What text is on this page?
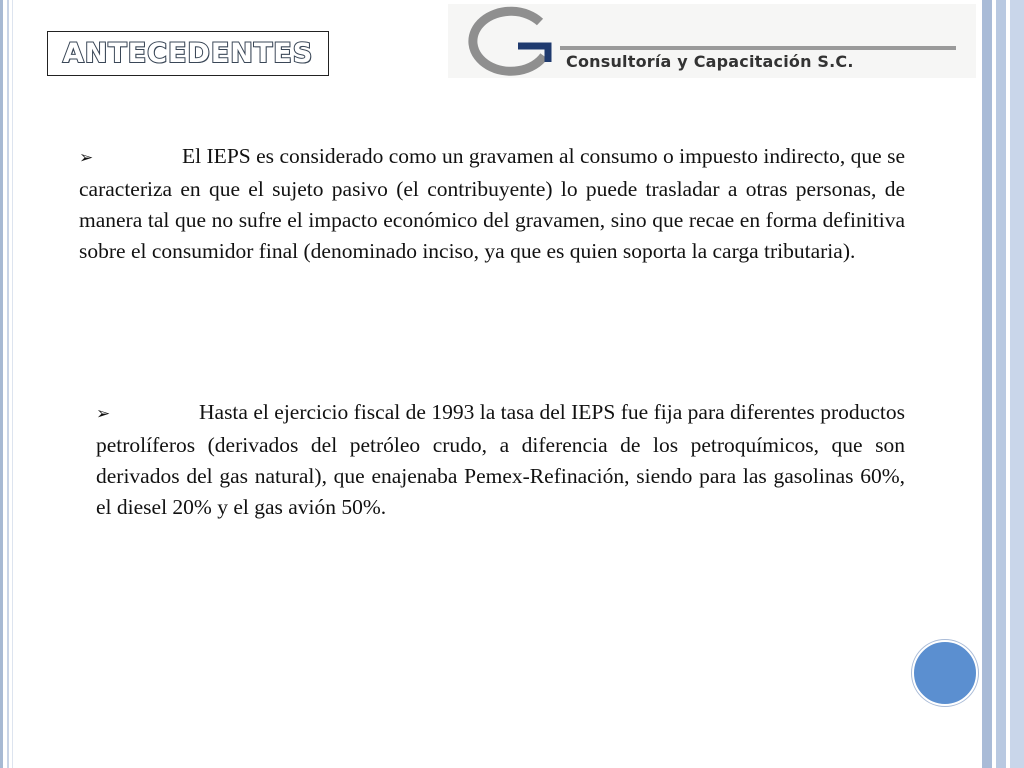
ANTECEDENTES	va
Consultoría y Capacitación S.C.
➢	El IEPS es considerado como un gravamen al consumo o impuesto indirecto, que se caracteriza en que el sujeto pasivo (el contribuyente) lo puede trasladar a otras personas, de manera tal que no sufre el impacto económico del gravamen, sino que recae en forma definitiva sobre el consumidor final (denominado inciso, ya que es quien soporta la carga tributaria).
➢	Hasta el ejercicio fiscal de 1993 la tasa del IEPS fue fija para diferentes productos petrolíferos (derivados del petróleo crudo, a diferencia de los petroquímicos, que son derivados del gas natural), que enajenaba Pemex-Refinación, siendo para las gasolinas 60%, el diesel 20% y el gas avión 50%.
